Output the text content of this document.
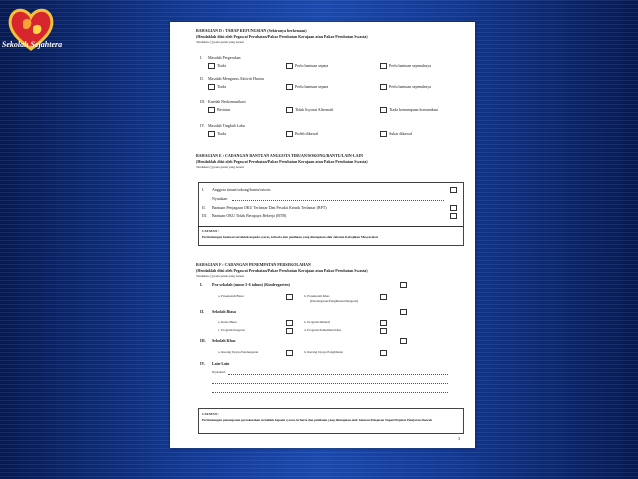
Sekolah Sejahtera
BAHAGIAN D : TAHAP KEFUNGSIAN (Sekiranya berkenaan)
(Hendaklah diisi oleh Pegawai Perubatan/Pakar Perubatan Kerajaan atau Pakar Perubatan Swasta)
Tandakan (/) pada petak yang sesuai
I. Masalah Pergerakan
Tiada	Perlu bantuan separa	Perlu bantuan sepenuhnya
II. Masalah Mengurus Aktiviti Harian
Tiada	Perlu bantuan separa	Perlu bantuan sepenuhnya
III. Kaedah Berkomunikasi
Bertutur	Tidak lisyarat Alternatif	Tiada kemampuan komunikasi
IV. Masalah Tingkah Laku
Tiada	Boleh dikawal	Sukar dikawal
BAHAGIAN E : CADANGAN BANTUAN ANGGOTA TIRUAN/SOKONG/BANTU/LAIN-LAIN
(Hendaklah diisi oleh Pegawai Perubatan/Pakar Perubatan Kerajaan atau Pakar Perubatan Swasta)
Tandakan (/) pada petak yang sesuai
I. Anggota tiruan/sokong/bantu/ortosis
Nyatakan
II. Bantuan Penjagaan OKU Terlantar Dan Pesakit Kronik Terlantar (BPT)
III. Bantuan OKU Tidak Berupaya Bekerja (BTB)
CATATAN :
Pertimbangan bantuan tertakluk kepada syarat, kriteria dan penilaian yang ditetapkan oleh Jabatan Kebajikan Masyarakat
BAHAGIAN F : CADANGAN PENEMPATAN PERSEKOLAHAN
(Hendaklah diisi oleh Pegawai Perubatan/Pakar Perubatan Kerajaan atau Pakar Perubatan Swasta)
Tandakan (/) pada petak yang sesuai
I. Pra-sekolah (umur 5-6 tahun) (Kindergarten)
a. Prasekolah Biasa	b. Prasekolah Khas
(Pendengaran/Penglihatan/Integrasi)
II. Sekolah Biasa
a. Kelas Biasa	b. Program Inklusif
c. Program Integrasi	d. Program Pemulihan Khas
III. Sekolah Khas
a. Kurang Upaya Pendengaran	b. Kurang Upaya Penglihatan
IV. Lain-Lain
Nyatakan:
CATATAN :
Pertimbangan penempatan persekolahan tertakluk kepada syarat, kriteria dan penilaian yang ditetapkan oleh Jabatan Pelajaran Negeri/Pejabat Pelajaran Daerah
3
